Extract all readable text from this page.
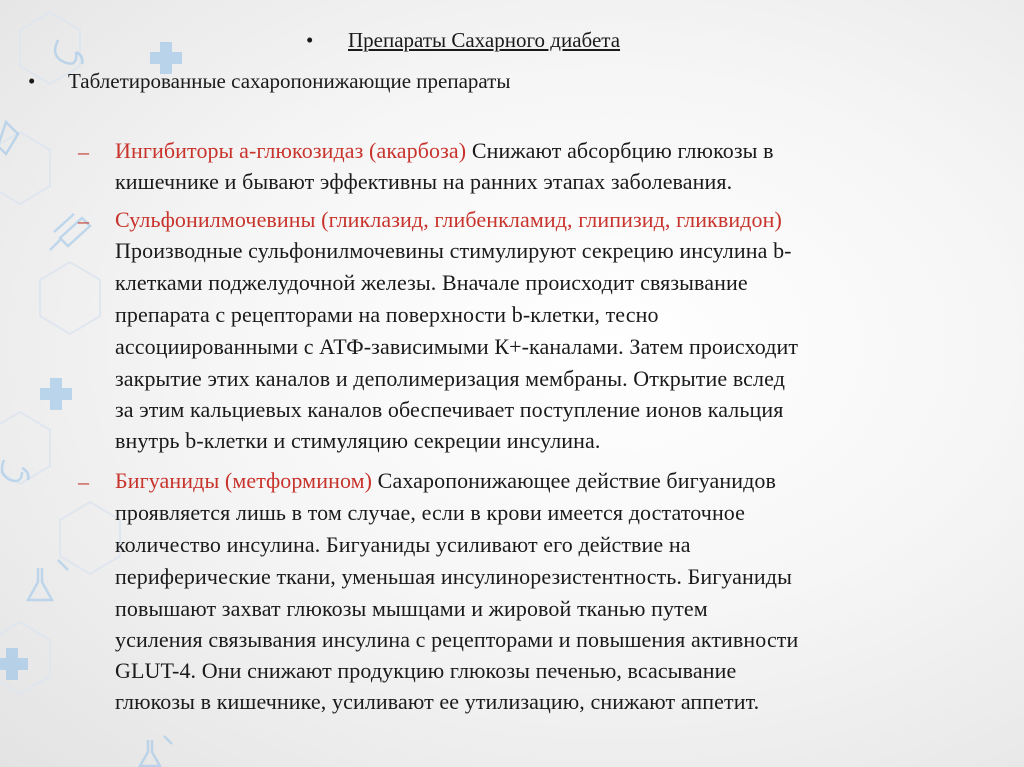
• Препараты Сахарного диабета
• Таблетированные сахаропонижающие препараты
– Ингибиторы а-глюкозидаз (акарбоза) Снижают абсорбцию глюкозы в
кишечнике и бывают эффективны на ранних этапах заболевания.
– Сульфонилмочевины (гликлазид, глибенкламид, глипизид, гликвидон)
Производные сульфонилмочевины стимулируют секрецию инсулина b-
клетками поджелудочной железы. Вначале происходит связывание
препарата с рецепторами на поверхности b-клетки, тесно
ассоциированными с АТФ-зависимыми К+-каналами. Затем происходит
закрытие этих каналов и деполимеризация мембраны. Открытие вслед
за этим кальциевых каналов обеспечивает поступление ионов кальция
внутрь b-клетки и стимуляцию секреции инсулина.
– Бигуаниды (метформином) Сахаропонижающее действие бигуанидов
проявляется лишь в том случае, если в крови имеется достаточное
количество инсулина. Бигуаниды усиливают его действие на
периферические ткани, уменьшая инсулинорезистентность. Бигуаниды
повышают захват глюкозы мышцами и жировой тканью путем
усиления связывания инсулина с рецепторами и повышения активности
GLUT-4. Они снижают продукцию глюкозы печенью, всасывание
глюкозы в кишечнике, усиливают ее утилизацию, снижают аппетит.
